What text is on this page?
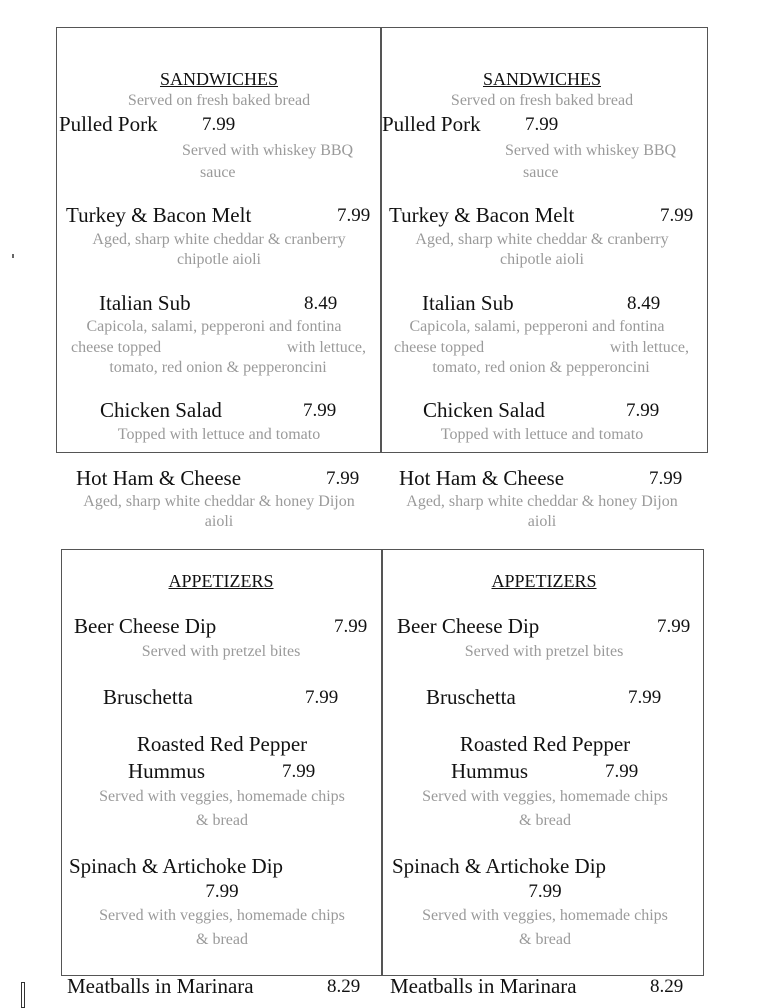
SANDWICHES
Served on fresh baked bread
Pulled Pork 7.99
Served with whiskey BBQ
sauce
Turkey & Bacon Melt	7.99
Aged, sharp white cheddar & cranberry
chipotle aioli
Italian Sub	8.49
Capicola, salami, pepperoni and fontina
cheese topped	with lettuce,
tomato, red onion & pepperoncini
Chicken Salad	7.99
Topped with lettuce and tomato
Hot Ham & Cheese	7.99
Aged, sharp white cheddar & honey Dijon
aioli
APPETIZERS
Beer Cheese Dip	7.99
Served with pretzel bites
Bruschetta	7.99
Roasted Red Pepper
Hummus	7.99
Served with veggies, homemade chips
& bread
Spinach & Artichoke Dip
7.99
Served with veggies, homemade chips
& bread
Meatballs in Marinara	8.29
SANDWICHES
Served on fresh baked bread
Pulled Pork 7.99
Served with whiskey BBQ
sauce
Turkey & Bacon Melt	7.99
Aged, sharp white cheddar & cranberry
chipotle aioli
Italian Sub	8.49
Capicola, salami, pepperoni and fontina
cheese topped	with lettuce,
tomato, red onion & pepperoncini
Chicken Salad	7.99
Topped with lettuce and tomato
Hot Ham & Cheese	7.99
Aged, sharp white cheddar & honey Dijon
aioli
APPETIZERS
Beer Cheese Dip	7.99
Served with pretzel bites
Bruschetta	7.99
Roasted Red Pepper
Hummus	7.99
Served with veggies, homemade chips
& bread
Spinach & Artichoke Dip
7.99
Served with veggies, homemade chips
& bread
Meatballs in Marinara	8.29
